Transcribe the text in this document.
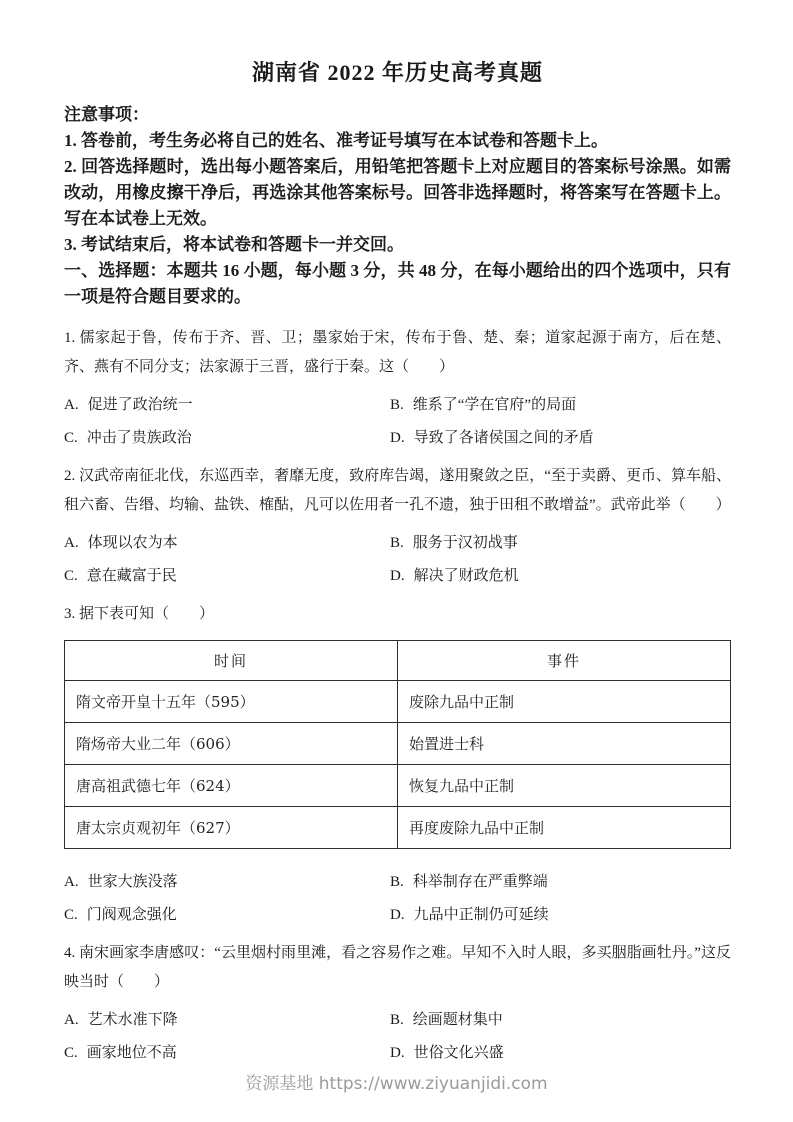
湖南省 2022 年历史高考真题

注意事项：

1. 答卷前，考生务必将自己的姓名、准考证号填写在本试卷和答题卡上。

2. 回答选择题时，选出每小题答案后，用铅笔把答题卡上对应题目的答案标号涂黑。如需改动，用橡皮擦干净后，再选涂其他答案标号。回答非选择题时，将答案写在答题卡上。写在本试卷上无效。

3. 考试结束后，将本试卷和答题卡一并交回。

一、选择题：本题共 16 小题，每小题 3 分，共 48 分，在每小题给出的四个选项中，只有一项是符合题目要求的。

1. 儒家起于鲁，传布于齐、晋、卫；墨家始于宋，传布于鲁、楚、秦；道家起源于南方，后在楚、齐、燕有不同分支；法家源于三晋，盛行于秦。这（　　）

A. 促进了政治统一	B. 维系了“学在官府”的局面
C. 冲击了贵族政治	D. 导致了各诸侯国之间的矛盾

2. 汉武帝南征北伐，东巡西幸，奢靡无度，致府库告竭，遂用聚敛之臣，“至于卖爵、更币、算车船、租六畜、告缗、均输、盐铁、榷酤，凡可以佐用者一孔不遗，独于田租不敢增益”。武帝此举（　　）

A. 体现以农为本	B. 服务于汉初战事
C. 意在藏富于民	D. 解决了财政危机

3. 据下表可知（　　）

时间	事件
隋文帝开皇十五年（595）	废除九品中正制
隋炀帝大业二年（606）	始置进士科
唐高祖武德七年（624）	恢复九品中正制
唐太宗贞观初年（627）	再度废除九品中正制
A. 世家大族没落	B. 科举制存在严重弊端
C. 门阀观念强化	D. 九品中正制仍可延续

4. 南宋画家李唐感叹：“云里烟村雨里滩，看之容易作之难。早知不入时人眼，多买胭脂画牡丹。”这反映当时（　　）

A. 艺术水准下降	B. 绘画题材集中
C. 画家地位不高	D. 世俗文化兴盛
资源基地 https://www.ziyuanjidi.com
